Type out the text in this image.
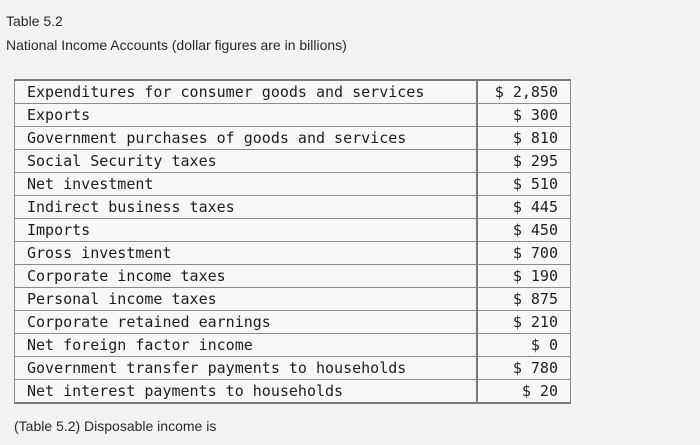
Table 5.2
National Income Accounts (dollar figures are in billions)
Expenditures for consumer goods and services	$ 2,850
Exports	$ 300
Government purchases of goods and services	$ 810
Social Security taxes	$ 295
Net investment	$ 510
Indirect business taxes	$ 445
Imports	$ 450
Gross investment	$ 700
Corporate income taxes	$ 190
Personal income taxes	$ 875
Corporate retained earnings	$ 210
Net foreign factor income	$ 0
Government transfer payments to households	$ 780
Net interest payments to households	$ 20
(Table 5.2) Disposable income is
